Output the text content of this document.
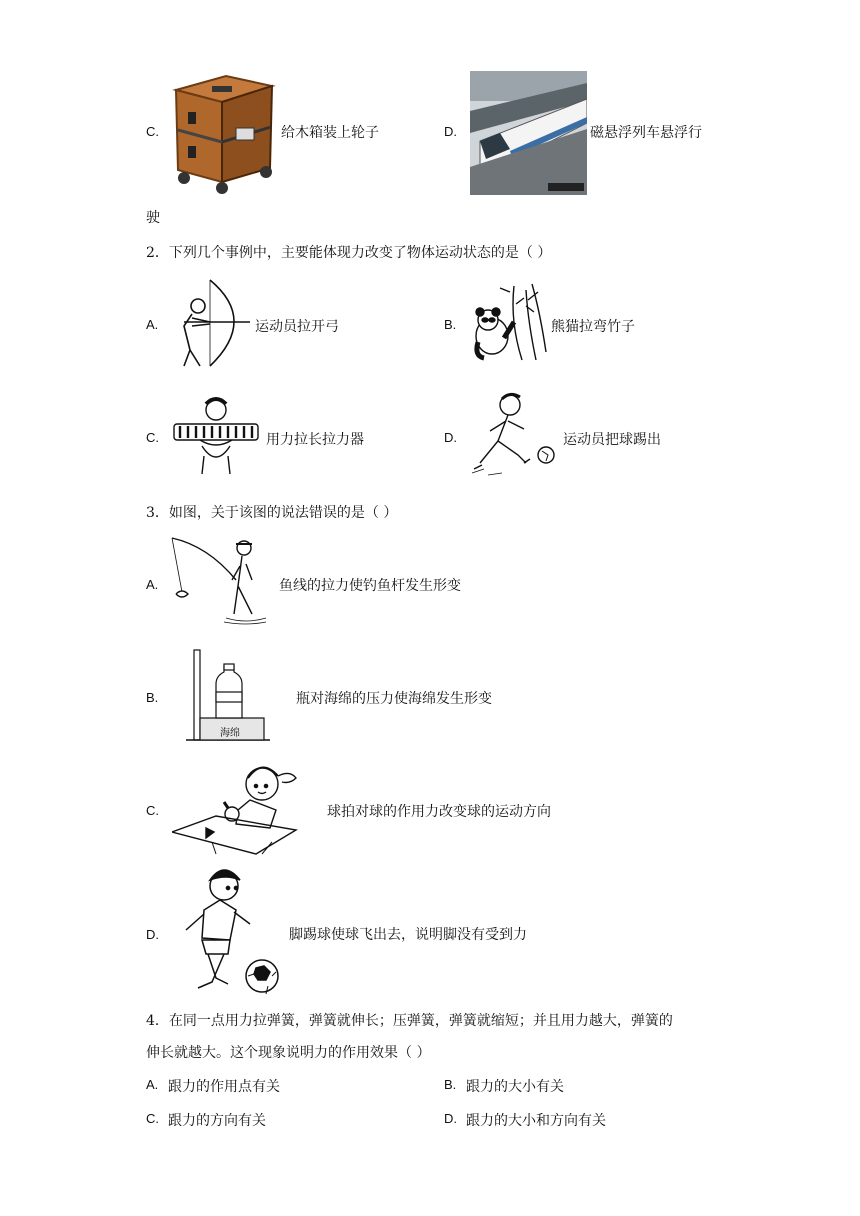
C.	给木箱装上轮子	D.	磁悬浮列车悬浮行
驶
2．下列几个事例中，主要能体现力改变了物体运动状态的是（ ）
A.	运动员拉开弓	B.	熊猫拉弯竹子
C.	用力拉长拉力器	D.	运动员把球踢出
3．如图，关于该图的说法错误的是（ ）
A.	鱼线的拉力使钓鱼杆发生形变
B.
海绵
瓶对海绵的压力使海绵发生形变
C.	球拍对球的作用力改变球的运动方向
D.	脚踢球使球飞出去，说明脚没有受到力
4．在同一点用力拉弹簧，弹簧就伸长；压弹簧，弹簧就缩短；并且用力越大，弹簧的
伸长就越大。这个现象说明力的作用效果（ ）
A. 跟力的作用点有关	B. 跟力的大小有关
C. 跟力的方向有关	D. 跟力的大小和方向有关
